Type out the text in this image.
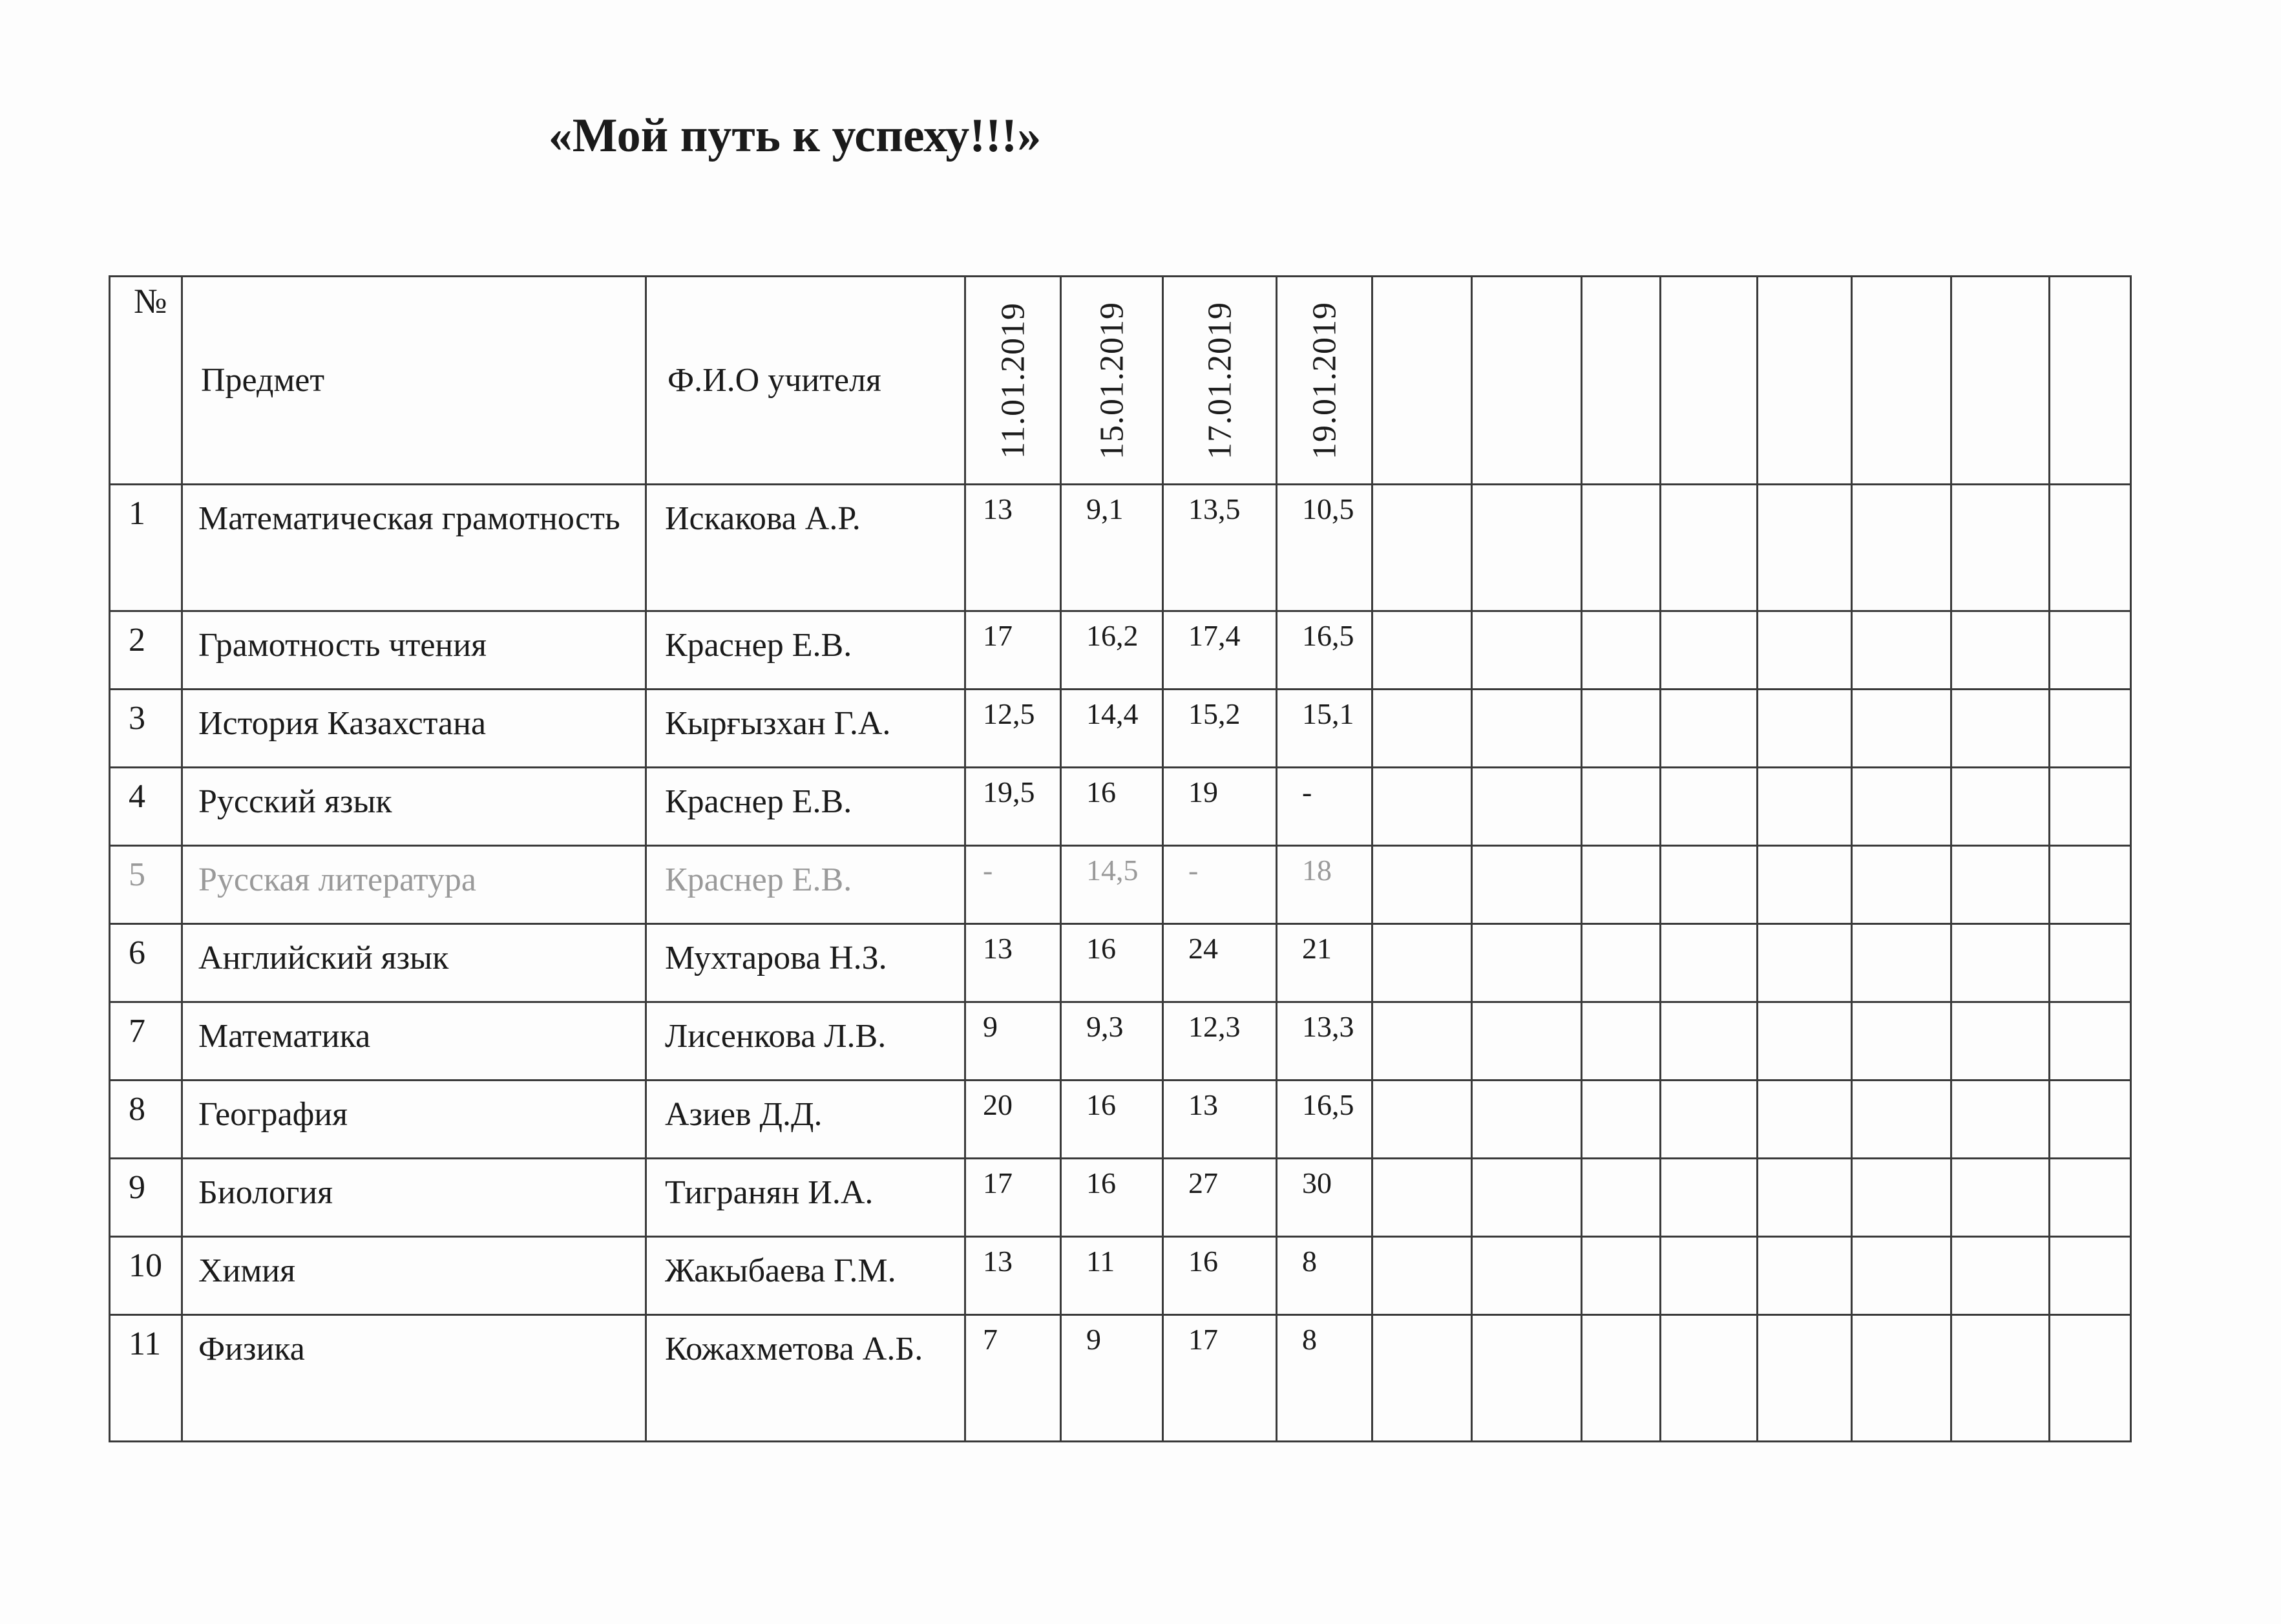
«Мой путь к успеху!!!»
№	Предмет	Ф.И.О учителя	11.01.2019	15.01.2019	17.01.2019	19.01.2019								

1	Математическая грамотность	Искакова А.Р.	13	9,1	13,5	10,5								
2	Грамотность чтения	Краснер Е.В.	17	16,2	17,4	16,5								
3	История Казахстана	Кырғызхан Г.А.	12,5	14,4	15,2	15,1								
4	Русский язык	Краснер Е.В.	19,5	16	19	-								
5	Русская литература	Краснер Е.В.	-	14,5	-	18								
6	Английский язык	Мухтарова Н.З.	13	16	24	21								
7	Математика	Лисенкова Л.В.	9	9,3	12,3	13,3								
8	География	Азиев Д.Д.	20	16	13	16,5								
9	Биология	Тигранян И.А.	17	16	27	30								
10	Химия	Жакыбаева Г.М.	13	11	16	8								
11	Физика	Кожахметова А.Б.	7	9	17	8								
